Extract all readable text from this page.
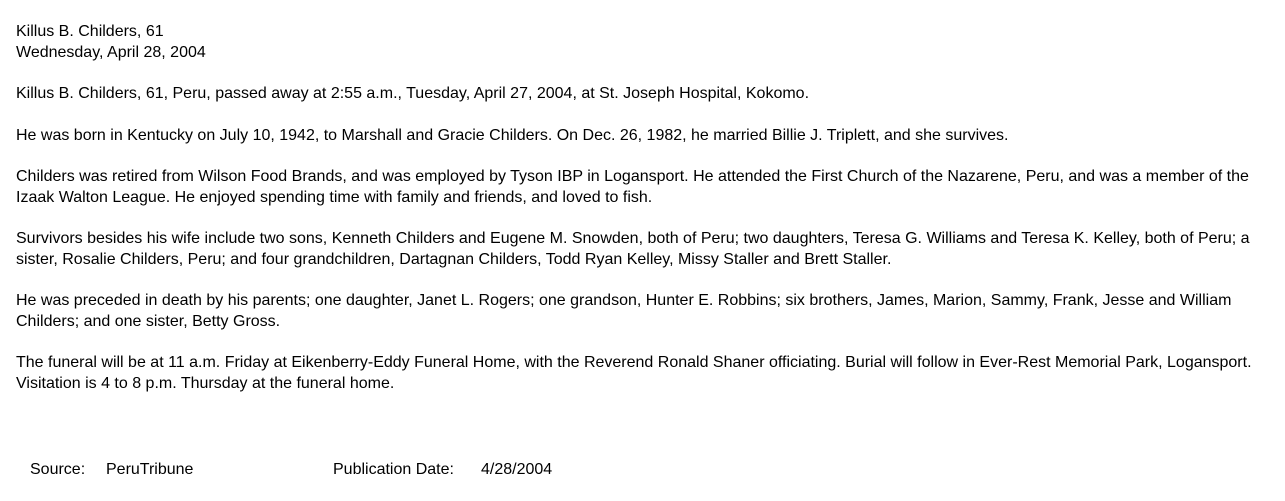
Killus B. Childers, 61
Wednesday, April 28, 2004

Killus B. Childers, 61, Peru, passed away at 2:55 a.m., Tuesday, April 27, 2004, at St. Joseph Hospital, Kokomo.

He was born in Kentucky on July 10, 1942, to Marshall and Gracie Childers. On Dec. 26, 1982, he married Billie J. Triplett, and she survives.

Childers was retired from Wilson Food Brands, and was employed by Tyson IBP in Logansport. He attended the First Church of the Nazarene, Peru, and was a member of the Izaak Walton League. He enjoyed spending time with family and friends, and loved to fish.

Survivors besides his wife include two sons, Kenneth Childers and Eugene M. Snowden, both of Peru; two daughters, Teresa G. Williams and Teresa K. Kelley, both of Peru; a sister, Rosalie Childers, Peru; and four grandchildren, Dartagnan Childers, Todd Ryan Kelley, Missy Staller and Brett Staller.

He was preceded in death by his parents; one daughter, Janet L. Rogers; one grandson, Hunter E. Robbins; six brothers, James, Marion, Sammy, Frank, Jesse and William Childers; and one sister, Betty Gross.

The funeral will be at 11 a.m. Friday at Eikenberry-Eddy Funeral Home, with the Reverend Ronald Shaner officiating. Burial will follow in Ever-Rest Memorial Park, Logansport. Visitation is 4 to 8 p.m. Thursday at the funeral home.

Source: PeruTribune	Publication Date: 4/28/2004
